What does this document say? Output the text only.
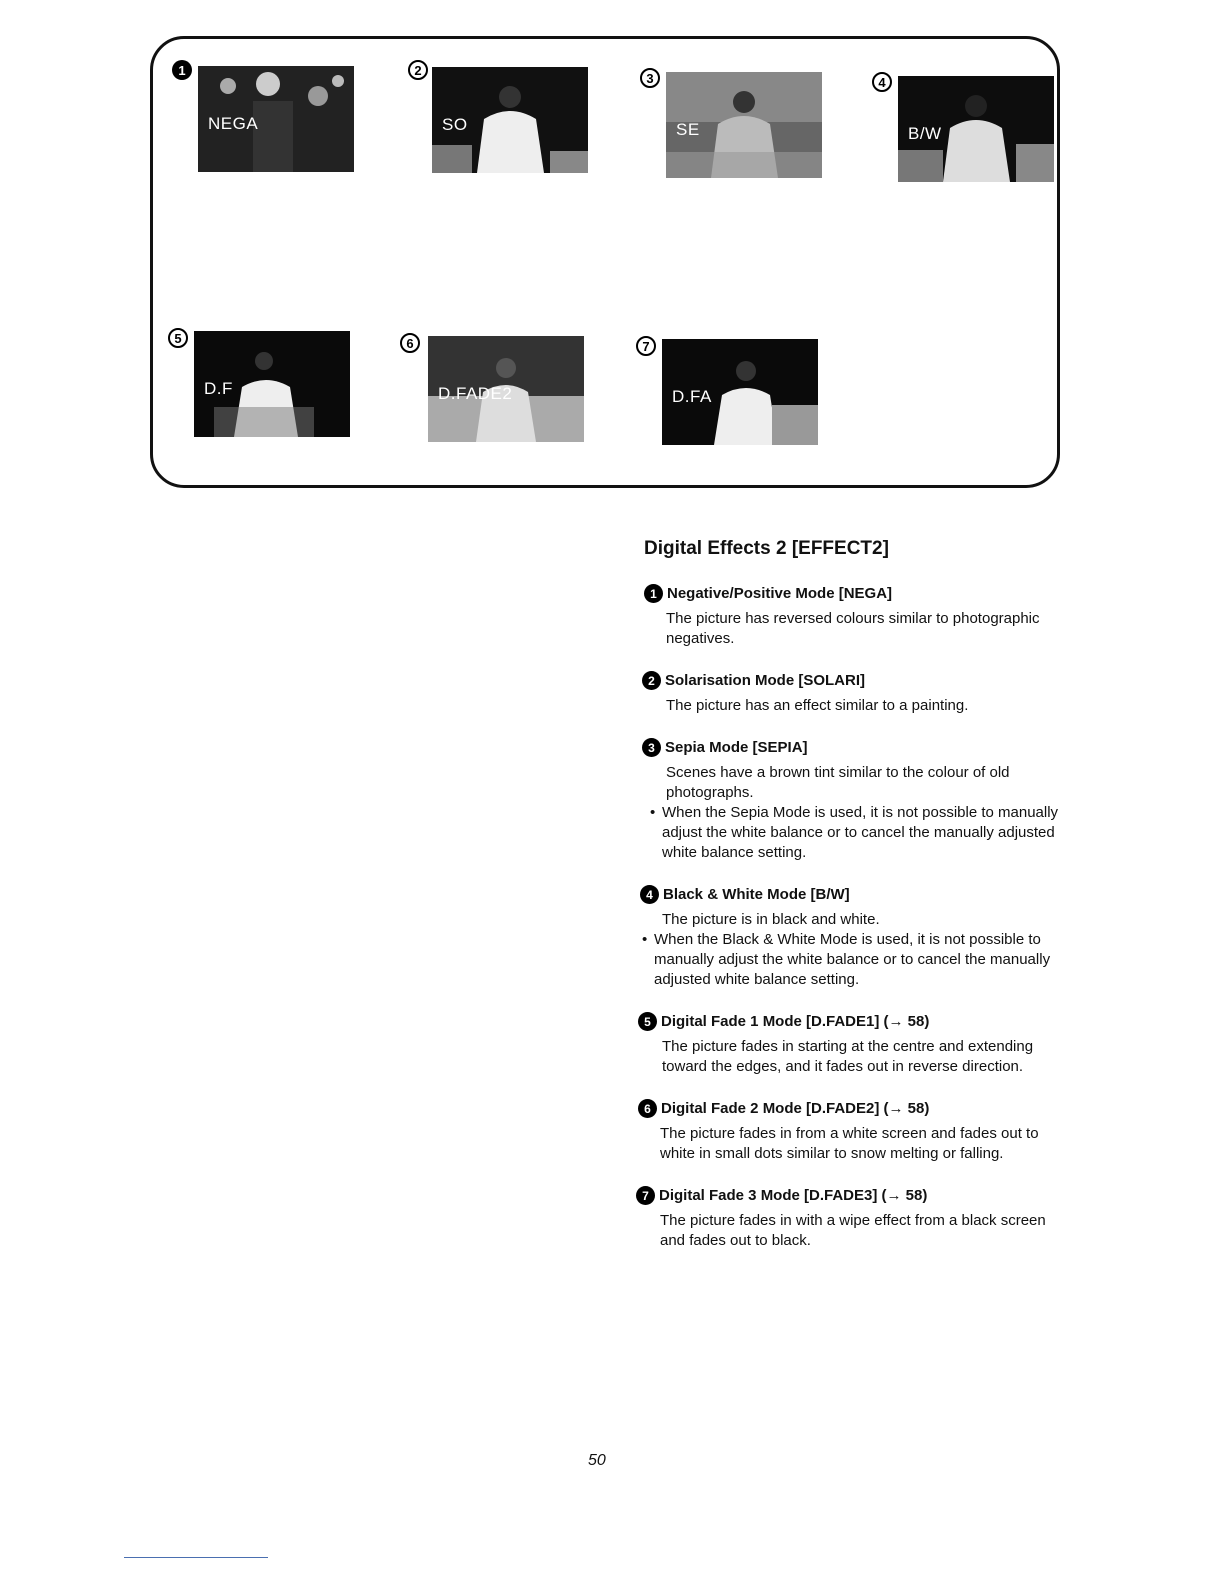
1
NEGA
2
SO
3
SE
4
B/W
5
D.F
6
D.FADE2
7
D.FA
Digital Effects 2 [EFFECT2]
1 Negative/Positive Mode [NEGA]
The picture has reversed colours similar to photographic negatives.
2 Solarisation Mode [SOLARI]
The picture has an effect similar to a painting.
3 Sepia Mode [SEPIA]
Scenes have a brown tint similar to the colour of old photographs.
• When the Sepia Mode is used, it is not possible to manually adjust the white balance or to cancel the manually adjusted white balance setting.
4 Black & White Mode [B/W]
The picture is in black and white.
• When the Black & White Mode is used, it is not possible to manually adjust the white balance or to cancel the manually adjusted white balance setting.
5 Digital Fade 1 Mode [D.FADE1] (→ 58)
The picture fades in starting at the centre and extending toward the edges, and it fades out in reverse direction.
6 Digital Fade 2 Mode [D.FADE2] (→ 58)
The picture fades in from a white screen and fades out to white in small dots similar to snow melting or falling.
7 Digital Fade 3 Mode [D.FADE3] (→ 58)
The picture fades in with a wipe effect from a black screen and fades out to black.
50
